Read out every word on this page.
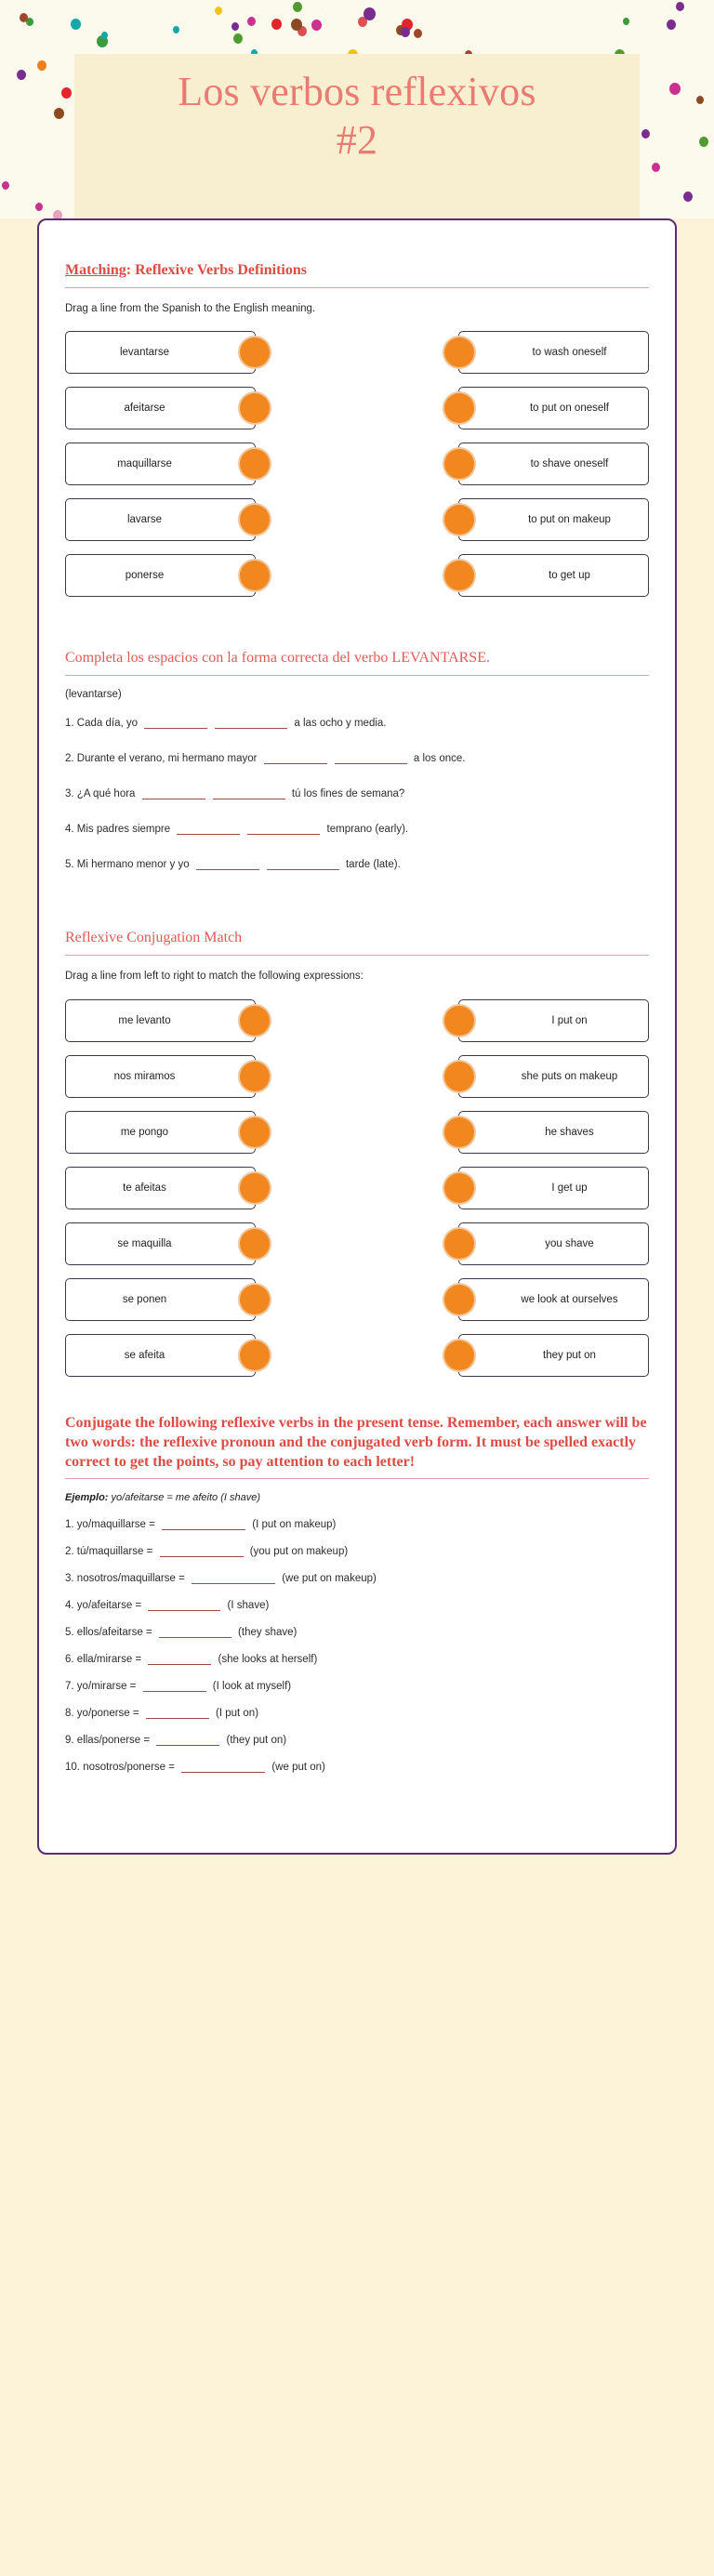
Los verbos reflexivos
#2
Matching: Reflexive Verbs Definitions
Drag a line from the Spanish to the English meaning.
levantarse	to wash oneself
afeitarse	to put on oneself
maquillarse	to shave oneself
lavarse	to put on makeup
ponerse	to get up
Completa los espacios con la forma correcta del verbo LEVANTARSE.
(levantarse)
1. Cada día, yo	a las ocho y media.
2. Durante el verano, mi hermano mayor	a los once.
3. ¿A qué hora	tú los fines de semana?
4. Mis padres siempre	temprano (early).
5. Mi hermano menor y yo	tarde (late).
Reflexive Conjugation Match
Drag a line from left to right to match the following expressions:
me levanto	I put on
nos miramos	she puts on makeup
me pongo	he shaves
te afeitas	I get up
se maquilla	you shave
se ponen	we look at ourselves
se afeita	they put on
Conjugate the following reflexive verbs in the present tense. Remember, each answer will be two words: the reflexive pronoun and the conjugated verb form. It must be spelled exactly correct to get the points, so pay attention to each letter!
Ejemplo: yo/afeitarse = me afeito (I shave)
1. yo/maquillarse =	(I put on makeup)
2. tú/maquillarse =	(you put on makeup)
3. nosotros/maquillarse =	(we put on makeup)
4. yo/afeitarse =	(I shave)
5. ellos/afeitarse =	(they shave)
6. ella/mirarse =	(she looks at herself)
7. yo/mirarse =	(I look at myself)
8. yo/ponerse =	(I put on)
9. ellas/ponerse =	(they put on)
10. nosotros/ponerse =	(we put on)
